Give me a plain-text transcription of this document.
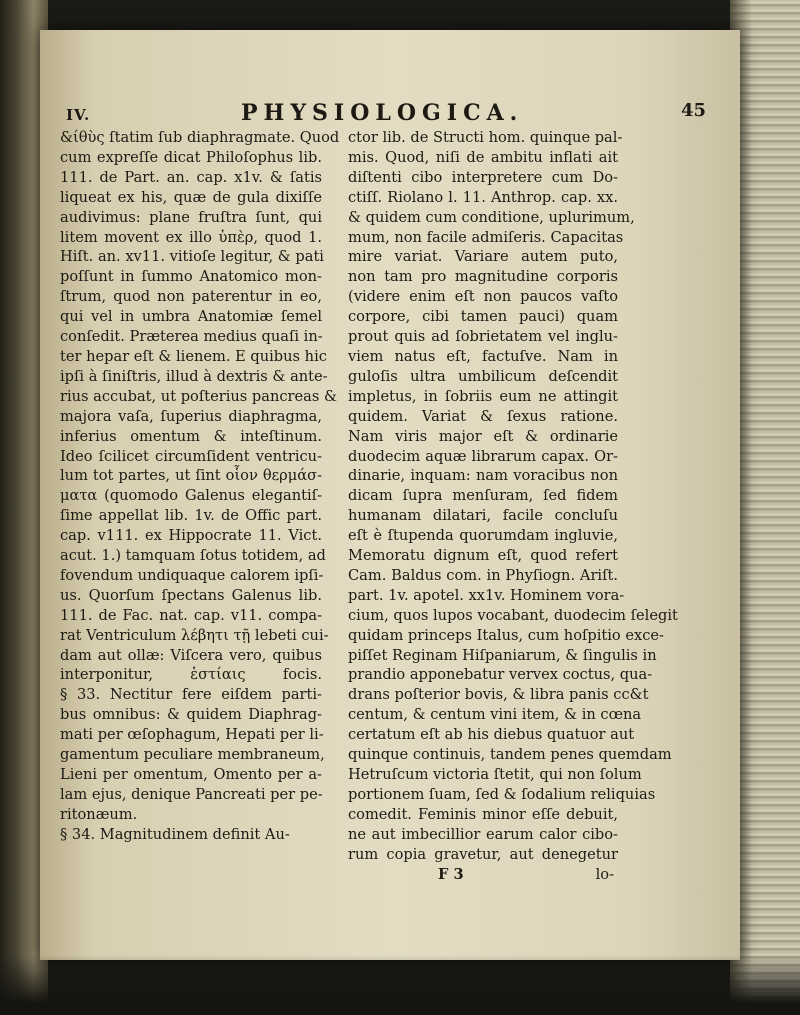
IV.	PHYSIOLOGICA.	45
&ίθὺς ſtatim ſub diaphragmate. Quod
cum expreſſe dicat Philoſophus lib.
111. de Part. an. cap. x1v. & ſatis
liqueat ex his, quæ de gula dixiſſe
audivimus: plane fruſtra ſunt, qui
litem movent ex illo ὑπὲρ, quod 1.
Hiſt. an. xv11. vitioſe legitur, & pati
poſſunt in ſummo Anatomico mon-
ſtrum, quod non paterentur in eo,
qui vel in umbra Anatomiæ ſemel
conſedit. Præterea medius quaſi in-
ter hepar eſt & lienem. E quibus hic
ipſi à ſiniſtris, illud à dextris & ante-
rius accubat, ut poſterius pancreas &
majora vaſa, ſuperius diaphragma,
inferius omentum & inteſtinum.
Ideo ſcilicet circumſident ventricu-
lum tot partes, ut ſint οἷον θερμάσ-
ματα (quomodo Galenus elegantiſ-
ſime appellat lib. 1v. de Offic part.
cap. v111. ex Hippocrate 11. Vict.
acut. 1.) tamquam ſotus totidem, ad
fovendum undiquaque calorem ipſi-
us. Quorſum ſpectans Galenus lib.
111. de Fac. nat. cap. v11. compa-
rat Ventriculum λέβητι τῇ lebeti cui-
dam aut ollæ: Viſcera vero, quibus
interponitur, ἑστίαις focis.
§ 33. Nectitur fere eiſdem parti-
bus omnibus: & quidem Diaphrag-
mati per œſophagum, Hepati per li-
gamentum peculiare membraneum,
Lieni per omentum, Omento per a-
lam ejus, denique Pancreati per pe-
ritonæum.
§ 34. Magnitudinem definit Au-
ctor lib. de Structi hom. quinque pal-
mis. Quod, niſi de ambitu inflati ait
diſtenti cibo interpretere cum Do-
ctiſſ. Riolano l. 11. Anthrop. cap. xx.
& quidem cum conditione, uplurimum,
mum, non facile admiſeris. Capacitas
mire variat. Variare autem puto,
non tam pro magnitudine corporis
(videre enim eſt non paucos vaſto
corpore, cibi tamen pauci) quam
prout quis ad ſobrietatem vel inglu-
viem natus eſt, factuſve. Nam in
guloſis ultra umbilicum deſcendit
impletus, in ſobriis eum ne attingit
quidem. Variat & ſexus ratione.
Nam viris major eſt & ordinarie
duodecim aquæ librarum capax. Or-
dinarie, inquam: nam voracibus non
dicam ſupra menſuram, ſed fidem
humanam dilatari, facile concluſu
eſt è ſtupenda quorumdam ingluvie,
Memoratu dignum eſt, quod refert
Cam. Baldus com. in Phyſiogn. Ariſt.
part. 1v. apotel. xx1v. Hominem vora-
cium, quos lupos vocabant, duodecim ſelegit
quidam princeps Italus, cum hoſpitio exce-
piſſet Reginam Hiſpaniarum, & ſingulis in
prandio apponebatur vervex coctus, qua-
drans poſterior bovis, & libra panis cc&t
centum, & centum vini item, & in cœna
certatum eſt ab his diebus quatuor aut
quinque continuis, tandem penes quemdam
Hetruſcum victoria ſtetit, qui non ſolum
portionem ſuam, ſed & ſodalium reliquias
comedit. Feminis minor eſſe debuit,
ne aut imbecillior earum calor cibo-
rum copia gravetur, aut denegetur
F 3	lo-
